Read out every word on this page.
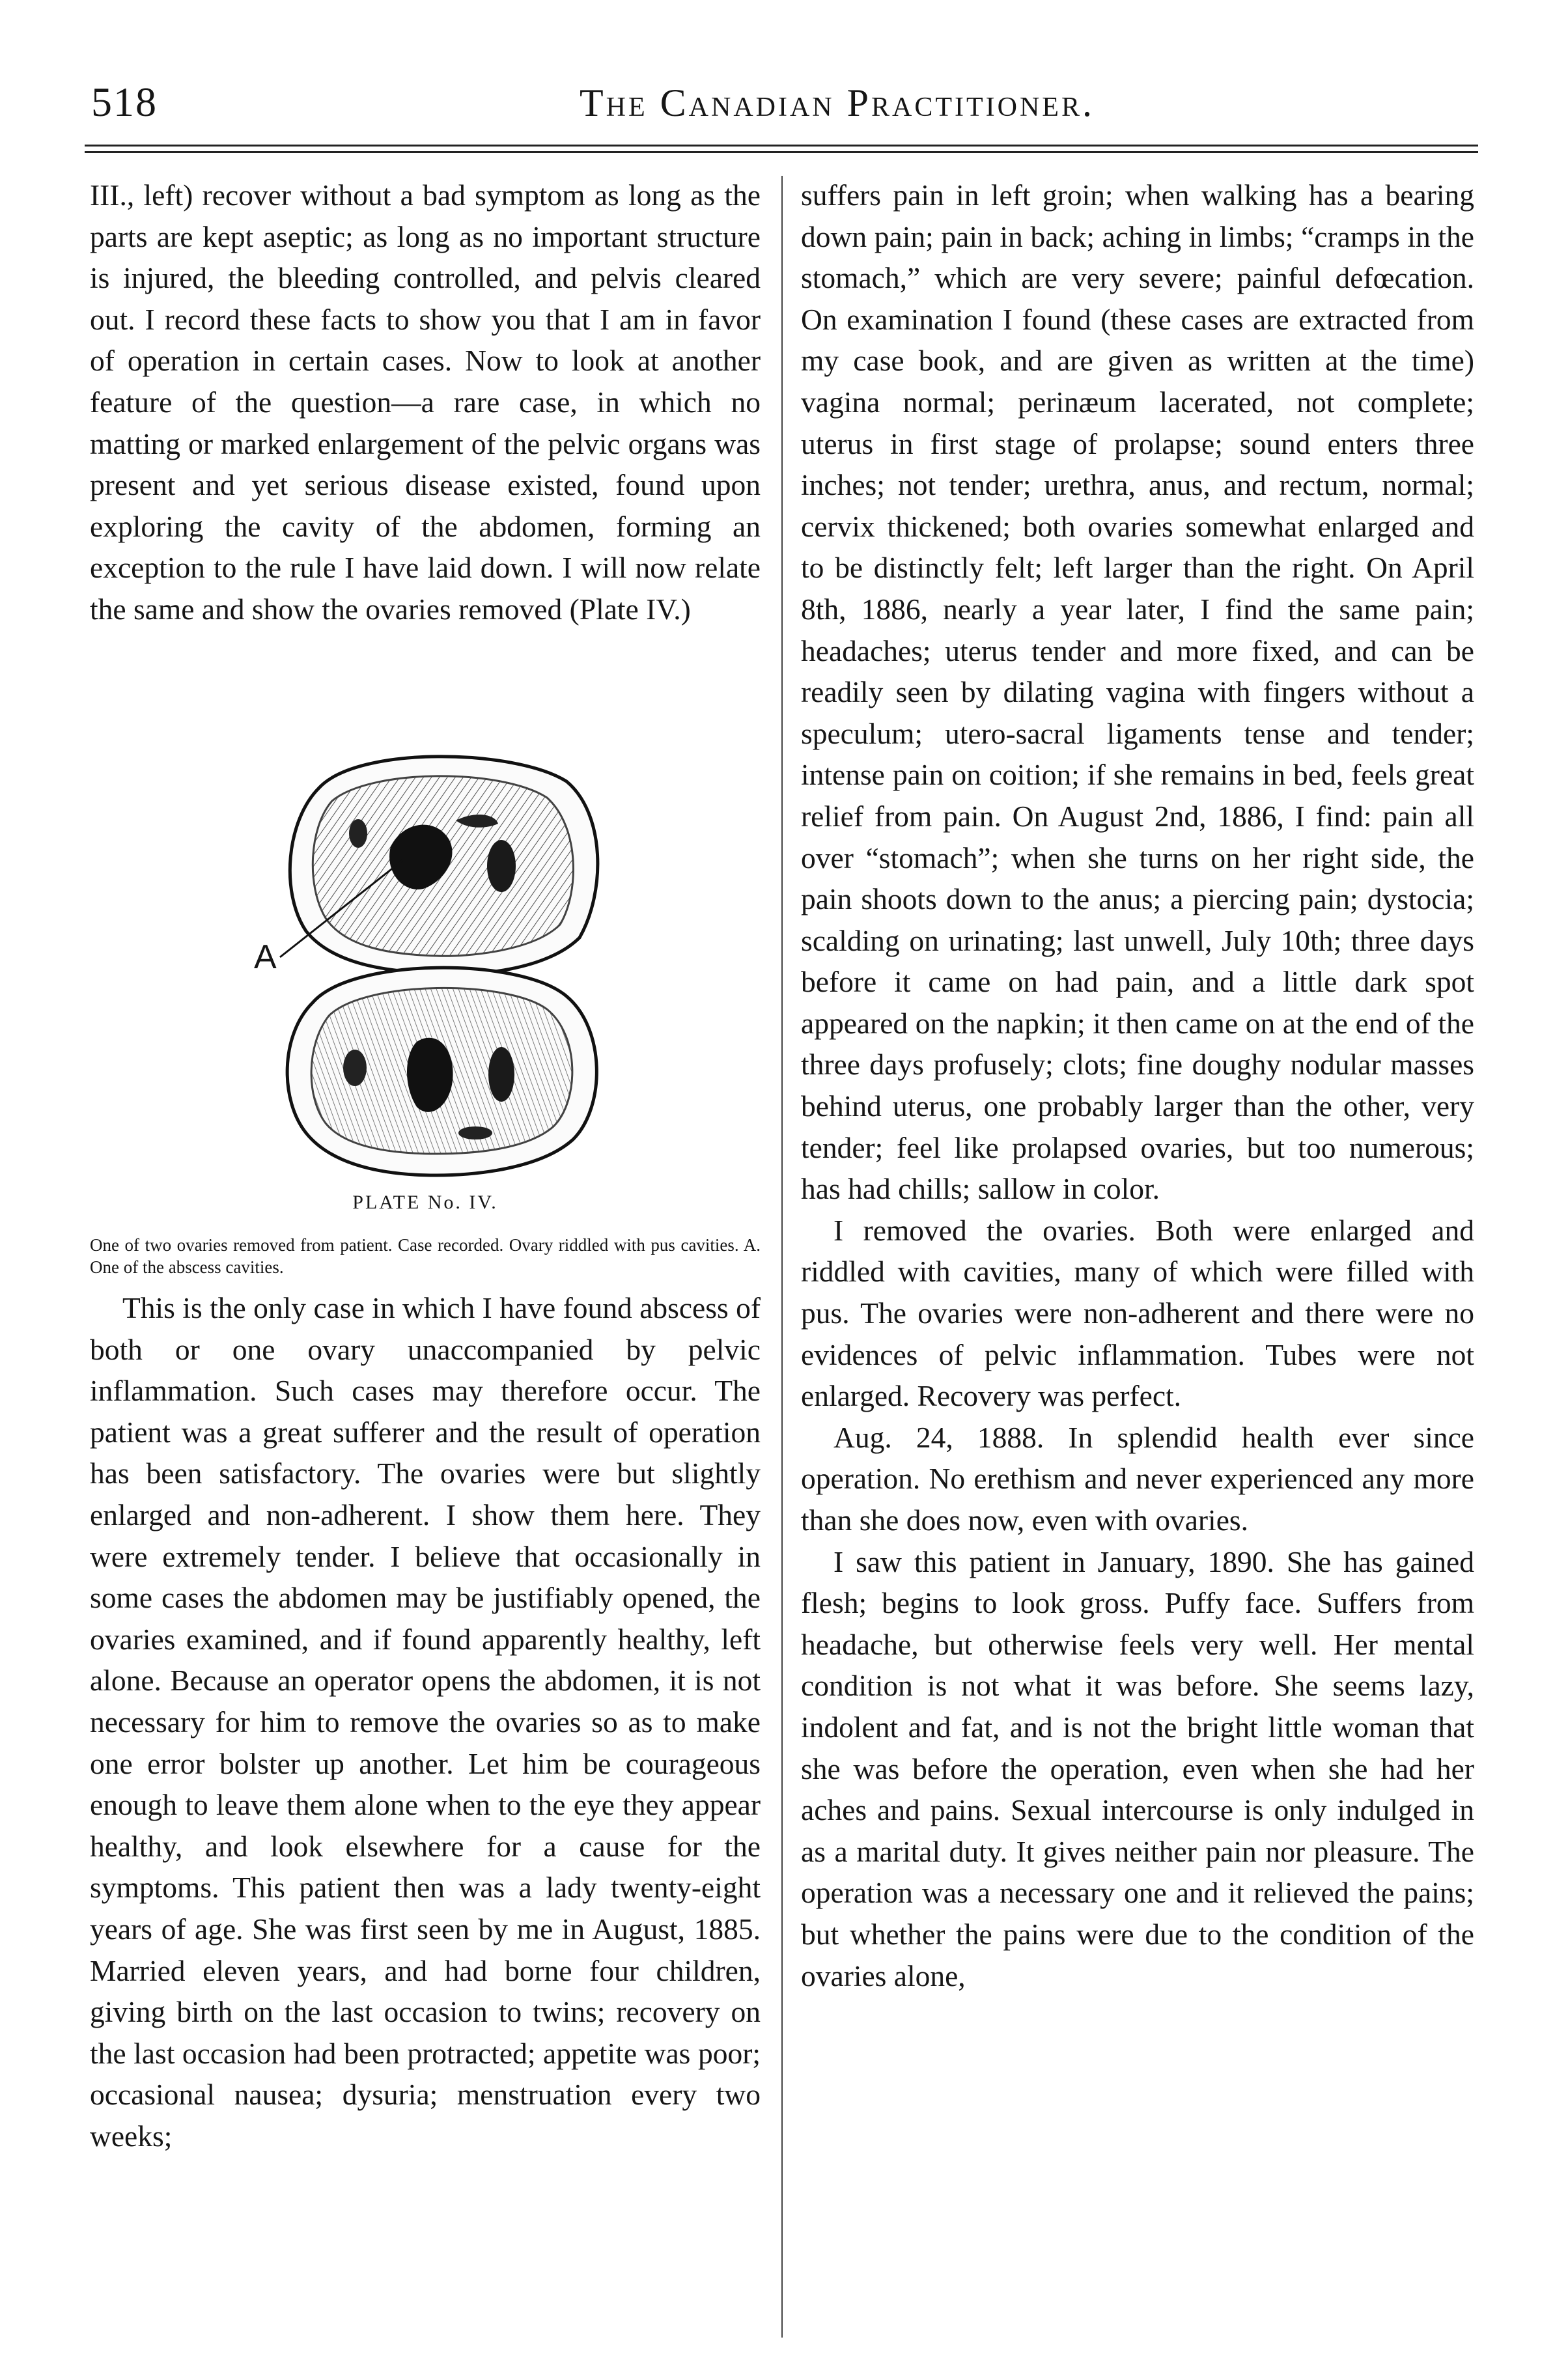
518	The Canadian Practitioner.

III., left) recover without a bad symptom as long as the parts are kept aseptic; as long as no important structure is injured, the bleeding controlled, and pelvis cleared out. I record these facts to show you that I am in favor of operation in certain cases. Now to look at another feature of the question—a rare case, in which no matting or marked enlargement of the pelvic organs was present and yet serious disease existed, found upon exploring the cavity of the abdomen, forming an exception to the rule I have laid down. I will now relate the same and show the ovaries removed (Plate IV.)

A
PLATE No. IV.
One of two ovaries removed from patient. Case recorded. Ovary riddled with pus cavities. A. One of the abscess cavities.

This is the only case in which I have found abscess of both or one ovary unaccompanied by pelvic inflammation. Such cases may therefore occur. The patient was a great sufferer and the result of operation has been satisfactory. The ovaries were but slightly enlarged and non-adherent. I show them here. They were extremely tender. I believe that occasionally in some cases the abdomen may be justifiably opened, the ovaries examined, and if found apparently healthy, left alone. Because an operator opens the abdomen, it is not necessary for him to remove the ovaries so as to make one error bolster up another. Let him be courageous enough to leave them alone when to the eye they appear healthy, and look elsewhere for a cause for the symptoms. This patient then was a lady twenty-eight years of age. She was first seen by me in August, 1885. Married eleven years, and had borne four children, giving birth on the last occasion to twins; recovery on the last occasion had been protracted; appetite was poor; occasional nausea; dysuria; menstruation every two weeks;

suffers pain in left groin; when walking has a bearing down pain; pain in back; aching in limbs; “cramps in the stomach,” which are very severe; painful defœcation. On examination I found (these cases are extracted from my case book, and are given as written at the time) vagina normal; perinæum lacerated, not complete; uterus in first stage of prolapse; sound enters three inches; not tender; urethra, anus, and rectum, normal; cervix thickened; both ovaries somewhat enlarged and to be distinctly felt; left larger than the right. On April 8th, 1886, nearly a year later, I find the same pain; headaches; uterus tender and more fixed, and can be readily seen by dilating vagina with fingers without a speculum; utero-sacral ligaments tense and tender; intense pain on coition; if she remains in bed, feels great relief from pain. On August 2nd, 1886, I find: pain all over “stomach”; when she turns on her right side, the pain shoots down to the anus; a piercing pain; dystocia; scalding on urinating; last unwell, July 10th; three days before it came on had pain, and a little dark spot appeared on the napkin; it then came on at the end of the three days profusely; clots; fine doughy nodular masses behind uterus, one probably larger than the other, very tender; feel like prolapsed ovaries, but too numerous; has had chills; sallow in color.

I removed the ovaries. Both were enlarged and riddled with cavities, many of which were filled with pus. The ovaries were non-adherent and there were no evidences of pelvic inflammation. Tubes were not enlarged. Recovery was perfect.

Aug. 24, 1888. In splendid health ever since operation. No erethism and never experienced any more than she does now, even with ovaries.

I saw this patient in January, 1890. She has gained flesh; begins to look gross. Puffy face. Suffers from headache, but otherwise feels very well. Her mental condition is not what it was before. She seems lazy, indolent and fat, and is not the bright little woman that she was before the operation, even when she had her aches and pains. Sexual intercourse is only indulged in as a marital duty. It gives neither pain nor pleasure. The operation was a necessary one and it relieved the pains; but whether the pains were due to the condition of the ovaries alone,
